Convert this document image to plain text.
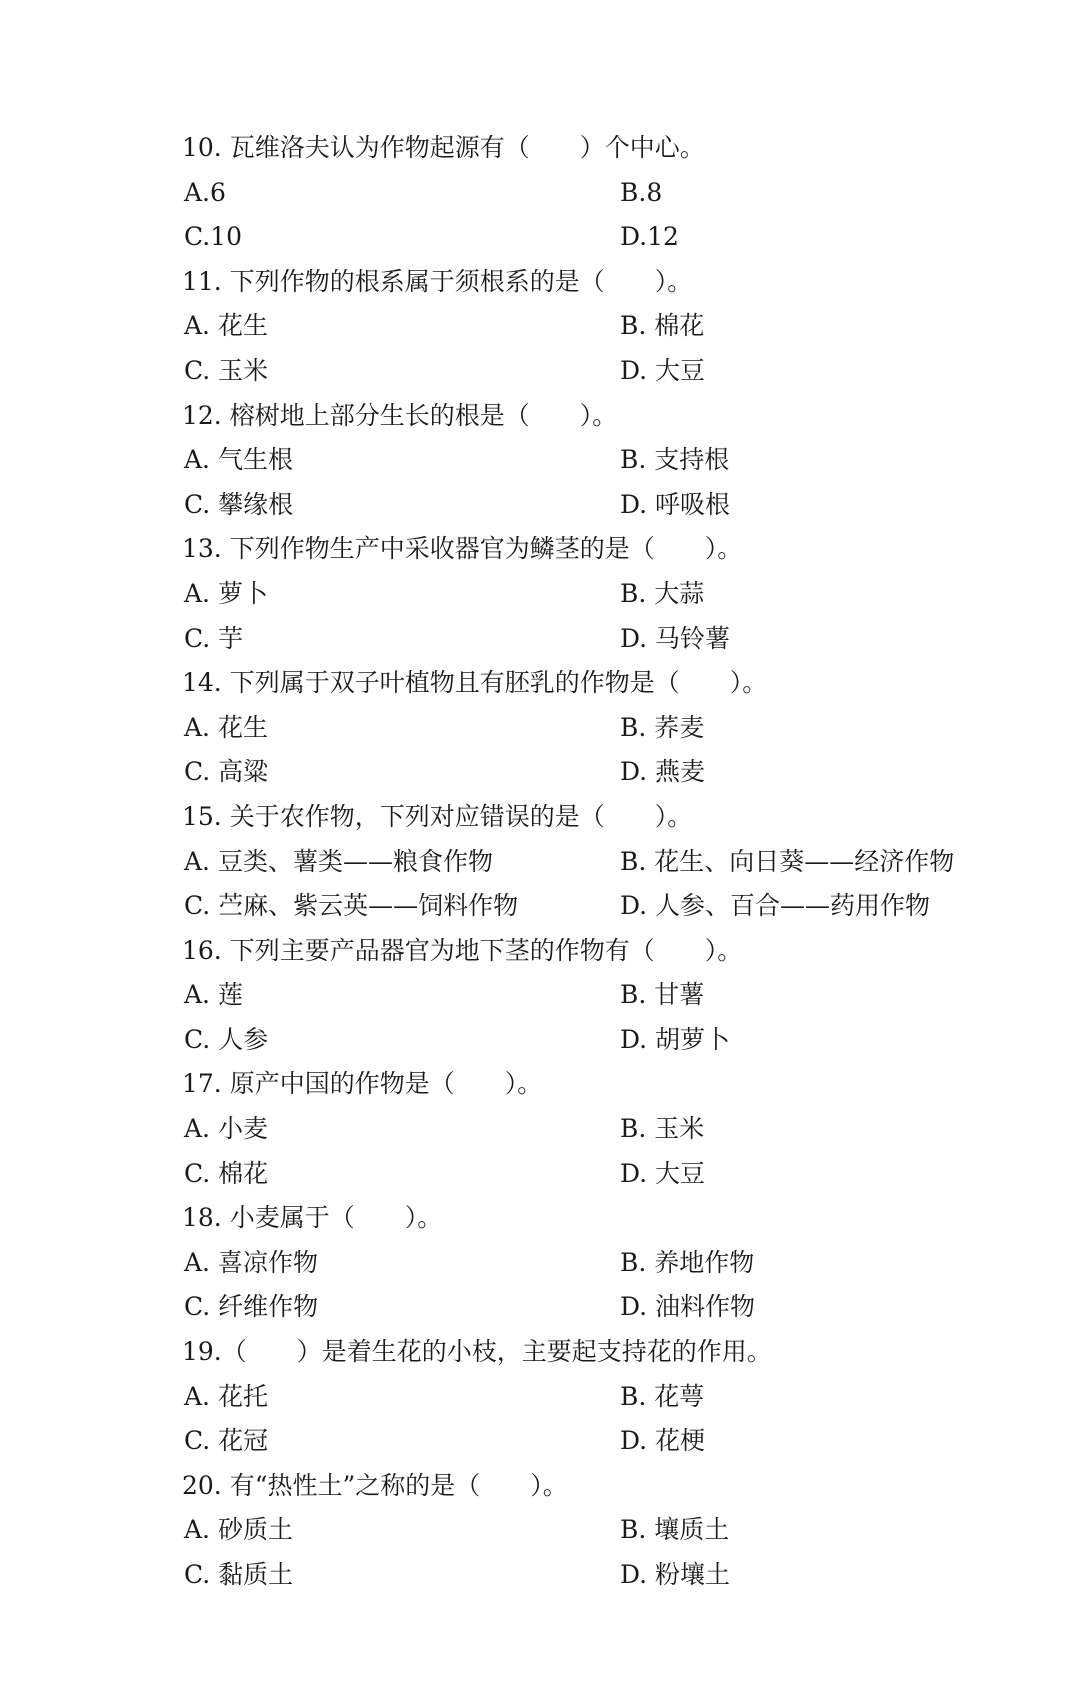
10. 瓦维洛夫认为作物起源有（　　）个中心。
A.6	B.8
C.10	D.12
11. 下列作物的根系属于须根系的是（　　）。
A. 花生	B. 棉花
C. 玉米	D. 大豆
12. 榕树地上部分生长的根是（　　）。
A. 气生根	B. 支持根
C. 攀缘根	D. 呼吸根
13. 下列作物生产中采收器官为鳞茎的是（　　）。
A. 萝卜	B. 大蒜
C. 芋	D. 马铃薯
14. 下列属于双子叶植物且有胚乳的作物是（　　）。
A. 花生	B. 荞麦
C. 高粱	D. 燕麦
15. 关于农作物，下列对应错误的是（　　）。
A. 豆类、薯类——粮食作物	B. 花生、向日葵——经济作物
C. 苎麻、紫云英——饲料作物	D. 人参、百合——药用作物
16. 下列主要产品器官为地下茎的作物有（　　）。
A. 莲	B. 甘薯
C. 人参	D. 胡萝卜
17. 原产中国的作物是（　　）。
A. 小麦	B. 玉米
C. 棉花	D. 大豆
18. 小麦属于（　　）。
A. 喜凉作物	B. 养地作物
C. 纤维作物	D. 油料作物
19.（　　）是着生花的小枝，主要起支持花的作用。
A. 花托	B. 花萼
C. 花冠	D. 花梗
20. 有“热性土”之称的是（　　）。
A. 砂质土	B. 壤质土
C. 黏质土	D. 粉壤土
